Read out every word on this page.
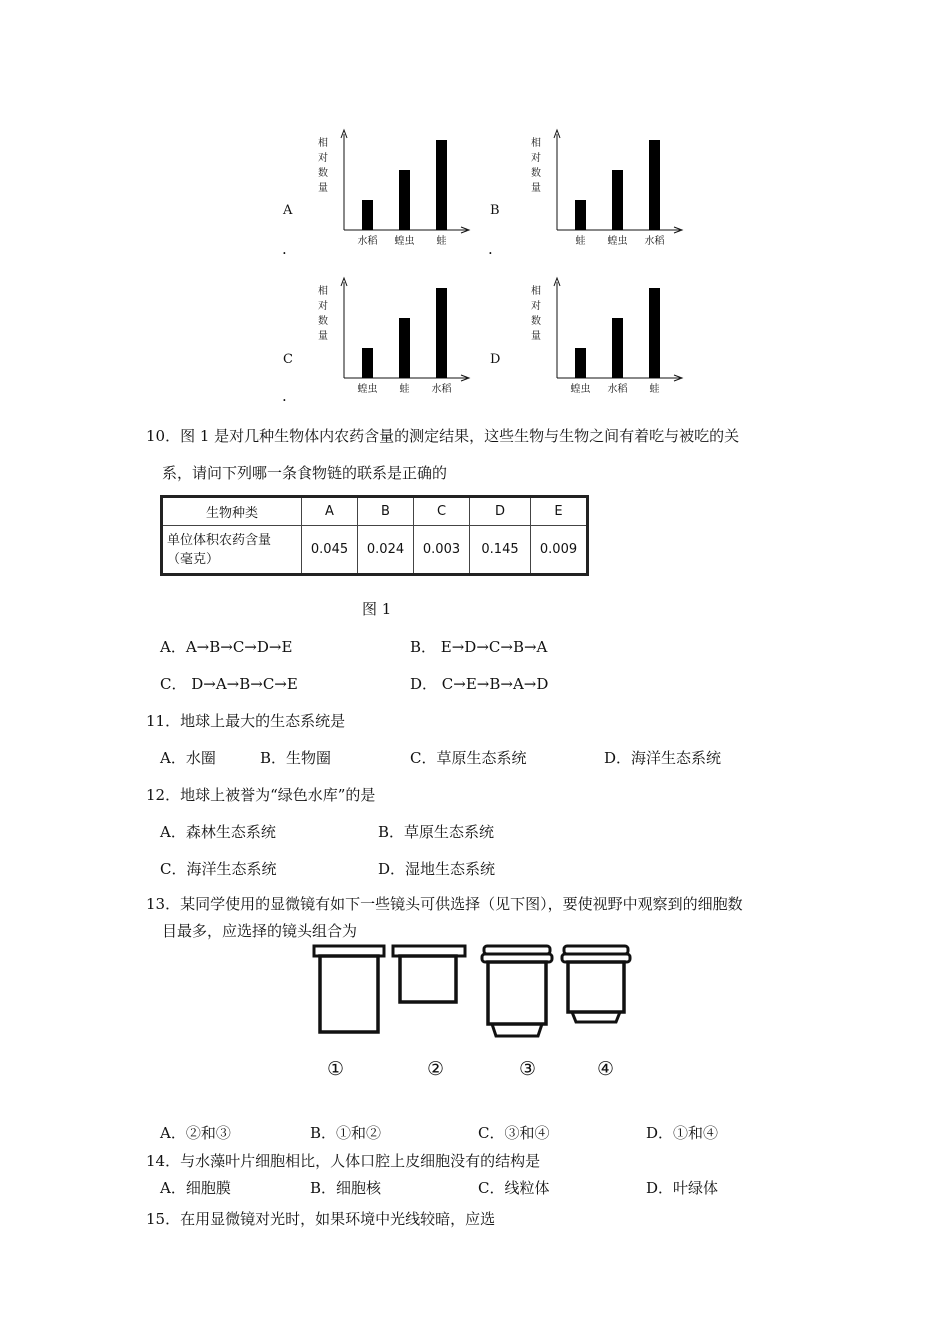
A
.
相
对
数
量
水稻 蝗虫 蛙
B
.
相
对
数
量
蛙 蝗虫 水稻
C
.
相
对
数
量
蝗虫 蛙 水稻
D
相
对
数
量
蝗虫 水稻 蛙
10．图 1 是对几种生物体内农药含量的测定结果，这些生物与生物之间有着吃与被吃的关
系，请问下列哪一条食物链的联系是正确的
生物种类	A	B	C	D	E

单位体积农药含量
（毫克）	0.045	0.024	0.003	0.145	0.009
图 1
A．A→B→C→D→E	B． E→D→C→B→A
C． D→A→B→C→E	D． C→E→B→A→D
11．地球上最大的生态系统是
A．水圈	B．生物圈	C．草原生态系统	D．海洋生态系统
12．地球上被誉为“绿色水库”的是
A．森林生态系统	B．草原生态系统
C．海洋生态系统	D．湿地生态系统
13．某同学使用的显微镜有如下一些镜头可供选择（见下图），要使视野中观察到的细胞数
目最多，应选择的镜头组合为
①	②	③	④
A．②和③	B．①和②	C．③和④	D．①和④
14．与水藻叶片细胞相比，人体口腔上皮细胞没有的结构是
A．细胞膜	B．细胞核	C．线粒体	D．叶绿体
15．在用显微镜对光时，如果环境中光线较暗，应选
